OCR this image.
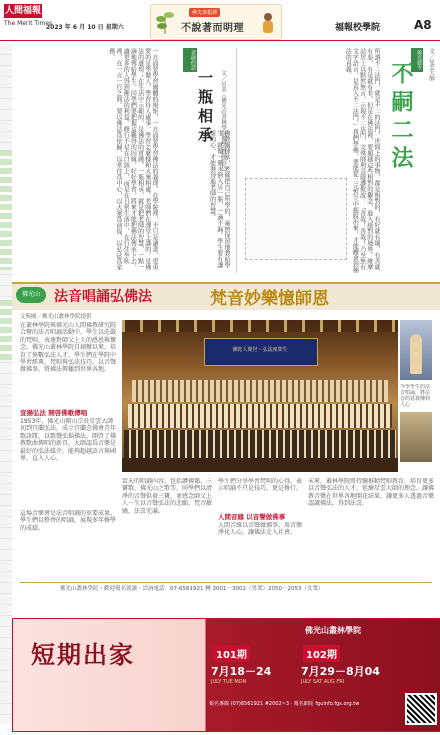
人間福報
The Merit Times
2023 年 6 月 10 日 星期六
佛光菜根譚
不說著而明理	福報校學院	A8
一方面要學習團體的規矩，一方面要學習佛法的義理。在學院裡，不只是讀書，更重要的是學做人，學習待人處事，學習怎麼樣和大衆相處。老師們在課堂上講的，是佛法的道理；在生活中示範的，是佛法的實踐。一瓶相承，就是把老師的智慧，一點一滴地傳給學生。同學們要把握這難得的因緣，好好學習，將來才能把佛法傳承下去，讓更多的人得到佛法的利益。修行不是在口頭上，而是在日常生活中，在行住坐臥裡，在一言一行之間。要以佛法爲依歸，以常住爲中心，以大衆爲前提，以弘法爲家務。	老師的話
一瓶相承	文／呂美（佛光山書林學院義學前副院長）
佛教講傳承，老師把自己所學的，毫無保留地教給學生，就像一瓶水倒入另一瓶，一滴不漏。學生要有謙虛的心，才能裝得進老師的智慧。	所謂不二法門，就是不二的法門。世間上的事物，都是相對的，有好就有壞，有善就有惡，有是就有非。但是在佛法裡，要超越這些相對的觀念，進入絕對的境界。維摩詰居士以默然無言，示現不二法門，文殊師利菩薩讚歎說：「善哉！善哉！乃至無有文字語言，是真入不二法門。」我們學佛，要能從二元對立中超脫出來，才能體會到佛法的真義。	佛光德令 文／星雲大師
不嗣二法
佛光山	法音唱誦弘佛法	梵音妙樂憶師恩
文與圖／佛光山叢林學院提供
在叢林學院與佛光山人間佛教研究院合辦的法音唱誦活動中，學生以莊嚴的梵唄，表達對師父上人的感恩與懷念。佛光山叢林學院自創辦以來，培育了無數弘法人才，學生們在學院中學習經典、梵唄與弘法技巧，以音聲做佛事，將佛法傳播到世界各地。
宣揚弘法 開啓佛歌傳唱
1953年，佛光山開山宗長星雲大師初到宜蘭弘法，成立宜蘭念佛會青年歌詠隊，以歌聲弘揚佛法，開啓了佛教歌曲傳唱的新頁。大師認爲音樂是最好的弘法媒介，能夠超越語言與國界，直入人心。
這場音樂會是法音唱誦的重要成果，學生們以整齊的唱誦，展現多年修學的成績。
佛陀人間世・弘法度眾生
今學學生的法音唱誦，將法音的意義傳到人心
當天的唱誦內容，包括讚佛偈、三寶歌、佛光山之歌等，同學們以清淨的音聲供養三寶，並感念師父上人一生以音聲弘法的悲願。梵音繚繞，法喜充滿。
學生們分享學習梵唄的心得，表示唱誦不只是技巧，更是修行。
人間音緣 以音聲做佛事
人間音緣以音聲做佛事，用音樂淨化人心，讓佛法走入社會。
未來，叢林學院將持續推動梵唄教育，培育更多以音聲弘法的人才，延續星雲大師的理念，讓佛教音樂在世界各地開花結果，讓更多人透過音樂認識佛法，得到法喜。
佛光山叢林學院・歡迎報名就讀・洽詢電話：07-6561921 轉 3001－3002（男衆）2050－2053（女衆）
短期出家
佛光山叢林學院
101期
7月18－24
JULY TUE MON
102期
7月29－8月04
JULY SAT AUG FRI
報名專線 (07)6561921 #2002~3 · 報名網址 fguinfo.fgs.org.tw
